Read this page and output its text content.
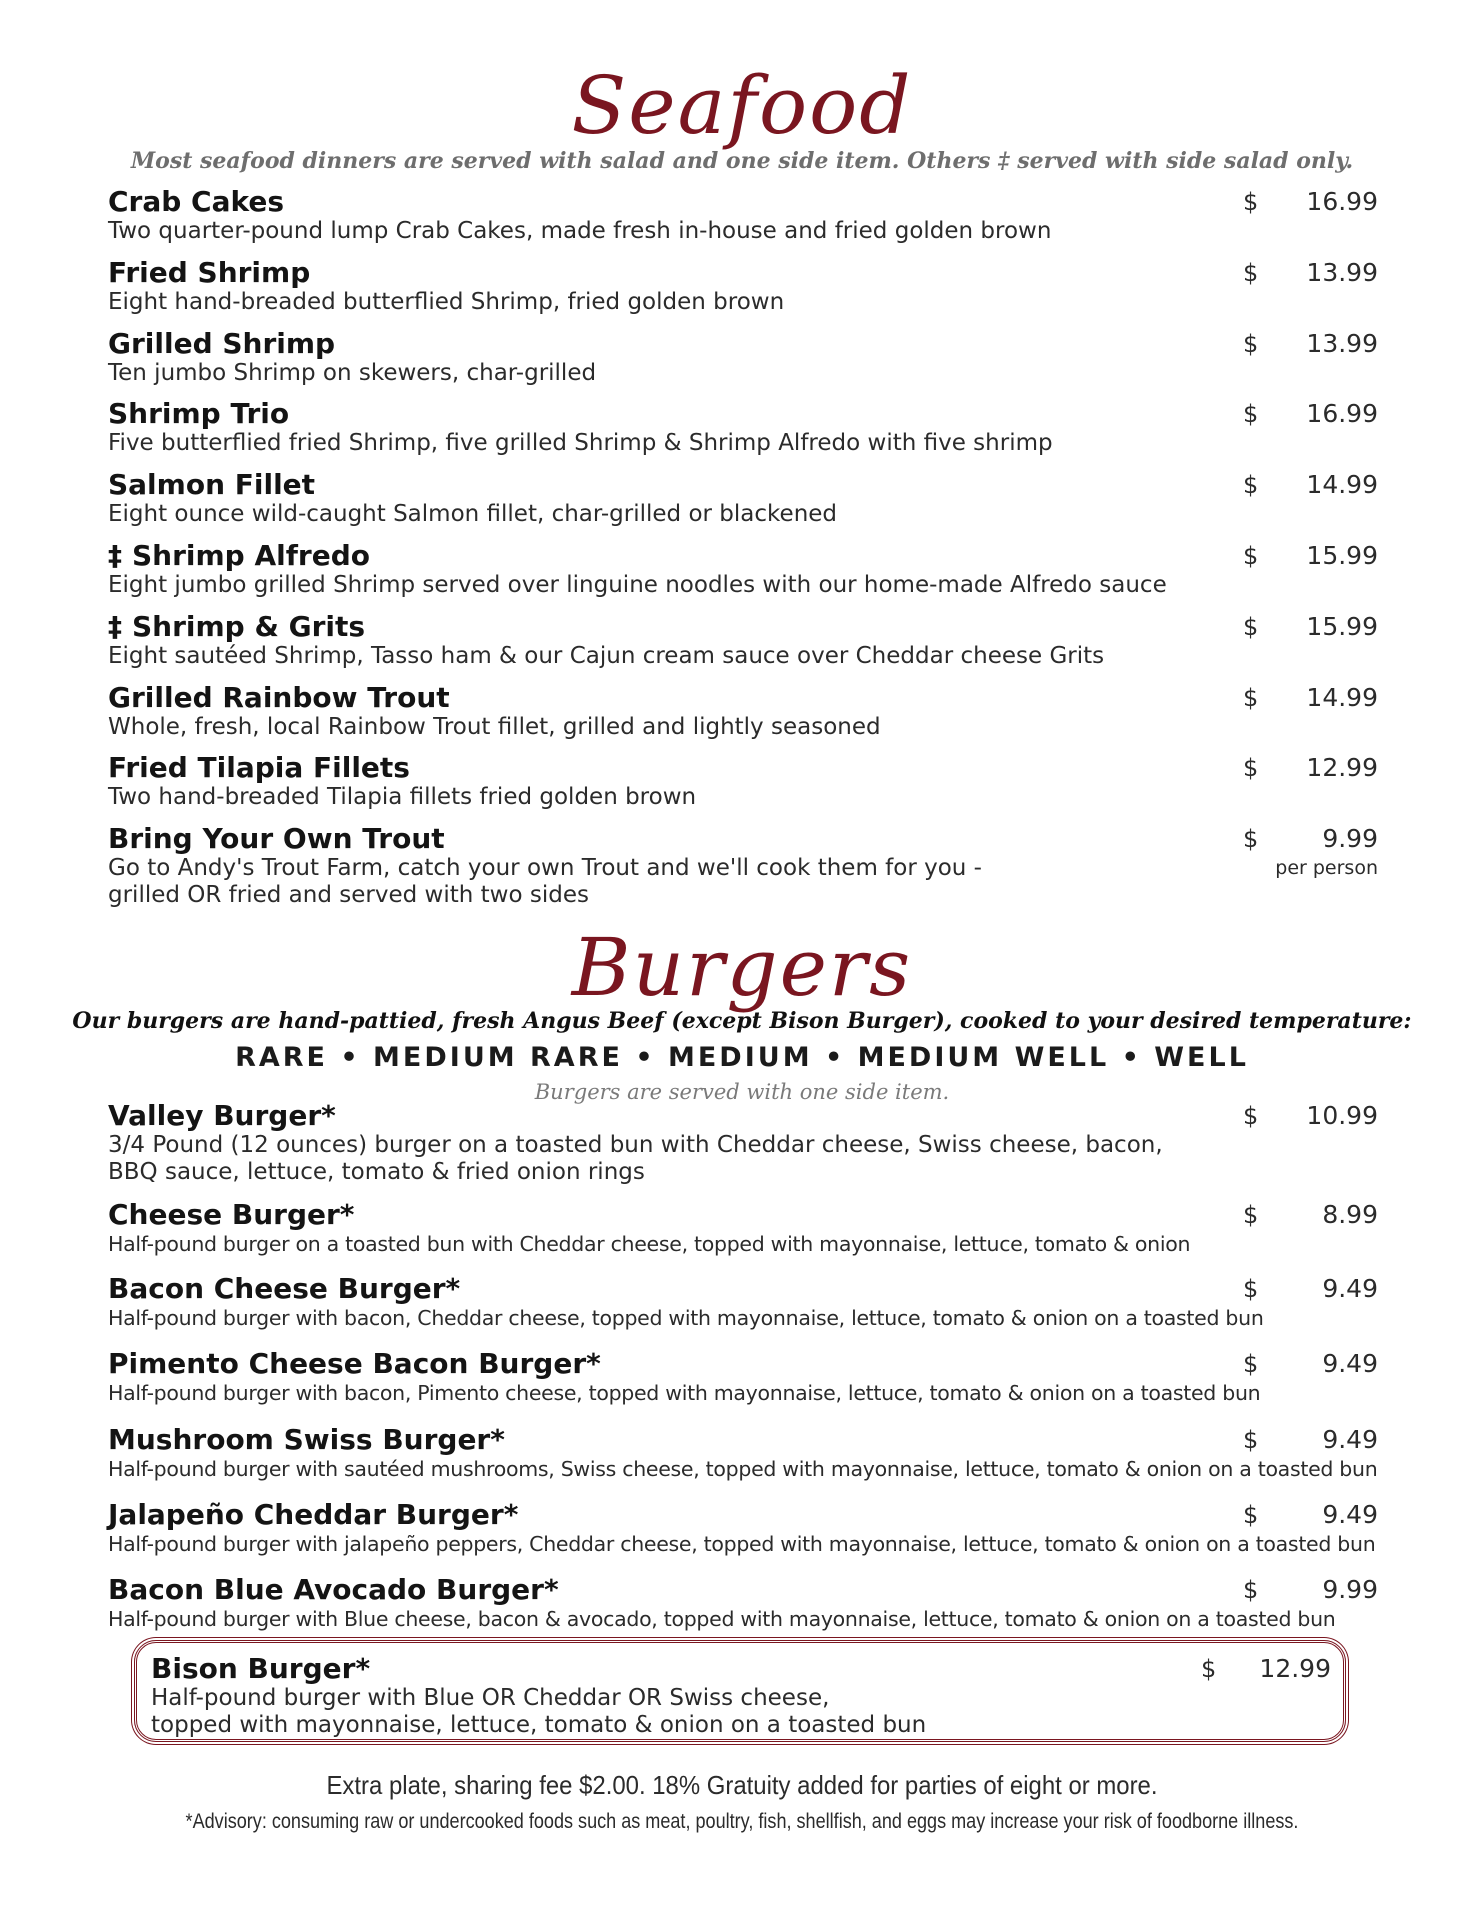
Seafood
Most seafood dinners are served with salad and one side item. Others ‡ served with side salad only.
Crab Cakes
Two quarter-pound lump Crab Cakes, made fresh in-house and fried golden brown
$	16.99
Fried Shrimp
Eight hand-breaded butterflied Shrimp, fried golden brown
$	13.99
Grilled Shrimp
Ten jumbo Shrimp on skewers, char-grilled
$	13.99
Shrimp Trio
Five butterflied fried Shrimp, five grilled Shrimp & Shrimp Alfredo with five shrimp
$	16.99
Salmon Fillet
Eight ounce wild-caught Salmon fillet, char-grilled or blackened
$	14.99
‡ Shrimp Alfredo
Eight jumbo grilled Shrimp served over linguine noodles with our home-made Alfredo sauce
$	15.99
‡ Shrimp & Grits
Eight sautéed Shrimp, Tasso ham & our Cajun cream sauce over Cheddar cheese Grits
$	15.99
Grilled Rainbow Trout
Whole, fresh, local Rainbow Trout fillet, grilled and lightly seasoned
$	14.99
Fried Tilapia Fillets
Two hand-breaded Tilapia fillets fried golden brown
$	12.99
Bring Your Own Trout
Go to Andy's Trout Farm, catch your own Trout and we'll cook them for you -
grilled OR fried and served with two sides
$	9.99
per person
Burgers
Our burgers are hand-pattied, fresh Angus Beef (except Bison Burger), cooked to your desired temperature:
RARE • MEDIUM RARE • MEDIUM • MEDIUM WELL • WELL
Burgers are served with one side item.
Valley Burger*
3/4 Pound (12 ounces) burger on a toasted bun with Cheddar cheese, Swiss cheese, bacon,
BBQ sauce, lettuce, tomato & fried onion rings
$	10.99
Cheese Burger*
Half-pound burger on a toasted bun with Cheddar cheese, topped with mayonnaise, lettuce, tomato & onion
$	8.99
Bacon Cheese Burger*
Half-pound burger with bacon, Cheddar cheese, topped with mayonnaise, lettuce, tomato & onion on a toasted bun
$	9.49
Pimento Cheese Bacon Burger*
Half-pound burger with bacon, Pimento cheese, topped with mayonnaise, lettuce, tomato & onion on a toasted bun
$	9.49
Mushroom Swiss Burger*
Half-pound burger with sautéed mushrooms, Swiss cheese, topped with mayonnaise, lettuce, tomato & onion on a toasted bun
$	9.49
Jalapeño Cheddar Burger*
Half-pound burger with jalapeño peppers, Cheddar cheese, topped with mayonnaise, lettuce, tomato & onion on a toasted bun
$	9.49
Bacon Blue Avocado Burger*
Half-pound burger with Blue cheese, bacon & avocado, topped with mayonnaise, lettuce, tomato & onion on a toasted bun
$	9.99
Bison Burger*
Half-pound burger with Blue OR Cheddar OR Swiss cheese,
topped with mayonnaise, lettuce, tomato & onion on a toasted bun
$	12.99
Extra plate, sharing fee $2.00. 18% Gratuity added for parties of eight or more.
*Advisory: consuming raw or undercooked foods such as meat, poultry, fish, shellfish, and eggs may increase your risk of foodborne illness.
